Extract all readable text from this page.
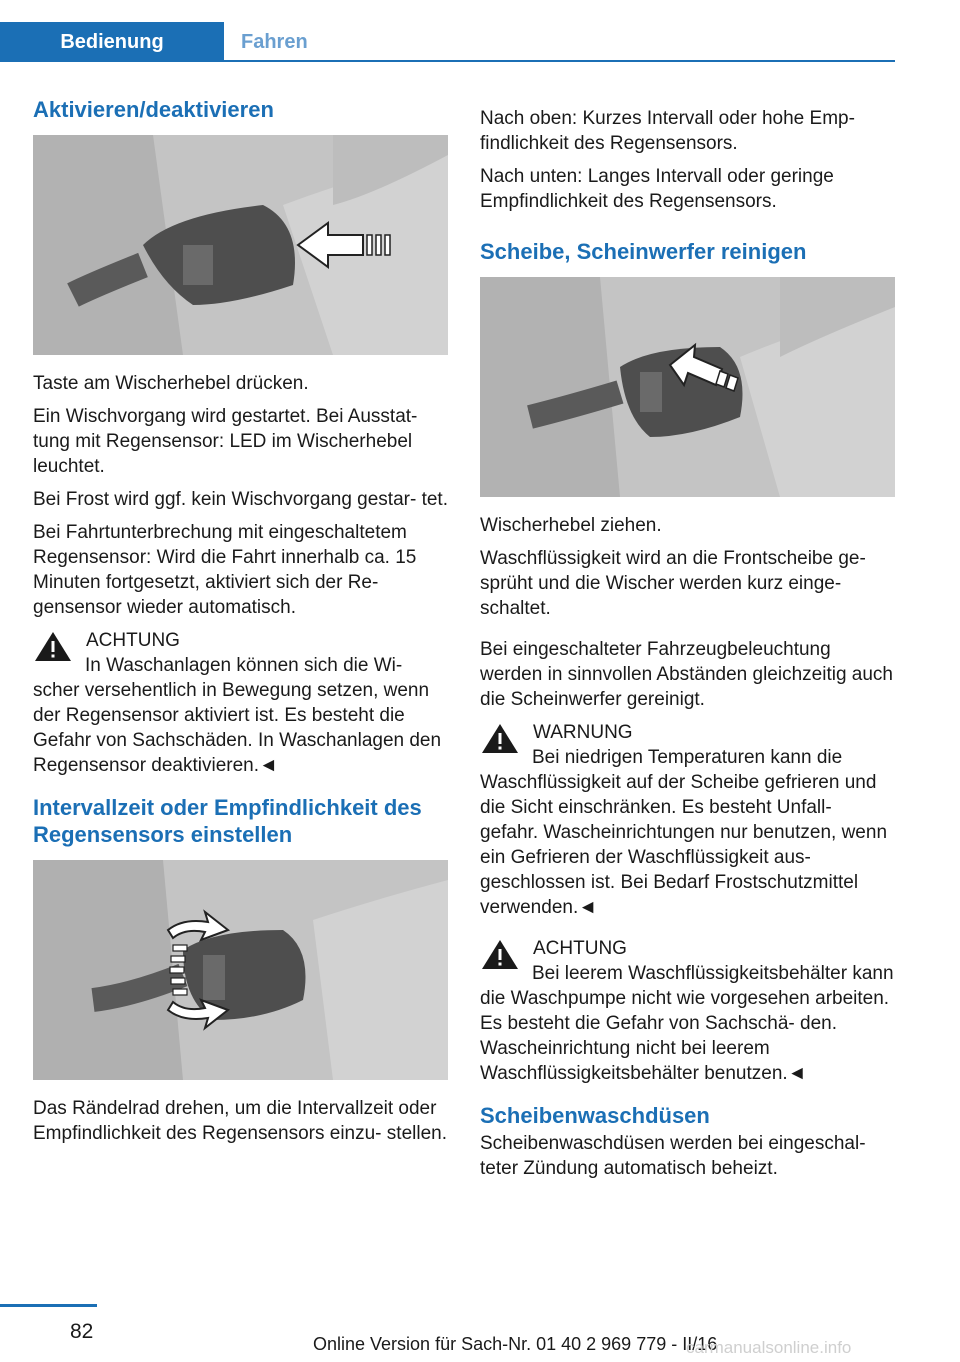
Bedienung	Fahren
Aktivieren/deaktivieren

Taste am Wischerhebel drücken.

Ein Wischvorgang wird gestartet. Bei Ausstat‐ tung mit Regensensor: LED im Wischerhebel leuchtet.

Bei Frost wird ggf. kein Wischvorgang gestar‐ tet.

Bei Fahrtunterbrechung mit eingeschaltetem Regensensor: Wird die Fahrt innerhalb ca. 15 Minuten fortgesetzt, aktiviert sich der Re‐ gensensor wieder automatisch.

ACHTUNG
In Waschanlagen können sich die Wi‐ scher versehentlich in Bewegung setzen, wenn der Regensensor aktiviert ist. Es besteht die Gefahr von Sachschäden. In Waschanlagen den Regensensor deaktivieren.◄
Intervallzeit oder Empfindlichkeit des Regensensors einstellen

Das Rändelrad drehen, um die Intervallzeit oder Empfindlichkeit des Regensensors einzu‐ stellen.

Nach oben: Kurzes Intervall oder hohe Emp‐ findlichkeit des Regensensors.

Nach unten: Langes Intervall oder geringe Empfindlichkeit des Regensensors.

Scheibe, Scheinwerfer reinigen

Wischerhebel ziehen.

Waschflüssigkeit wird an die Frontscheibe ge‐ sprüht und die Wischer werden kurz einge‐ schaltet.

Bei eingeschalteter Fahrzeugbeleuchtung werden in sinnvollen Abständen gleichzeitig auch die Scheinwerfer gereinigt.

WARNUNG
Bei niedrigen Temperaturen kann die Waschflüssigkeit auf der Scheibe gefrieren und die Sicht einschränken. Es besteht Unfall‐ gefahr. Wascheinrichtungen nur benutzen, wenn ein Gefrieren der Waschflüssigkeit aus‐ geschlossen ist. Bei Bedarf Frostschutzmittel verwenden.◄
ACHTUNG
Bei leerem Waschflüssigkeitsbehälter kann die Waschpumpe nicht wie vorgesehen arbeiten. Es besteht die Gefahr von Sachschä‐ den. Wascheinrichtung nicht bei leerem Waschflüssigkeitsbehälter benutzen.◄
Scheibenwaschdüsen

Scheibenwaschdüsen werden bei eingeschal‐ teter Zündung automatisch beheizt.

82
Online Version für Sach-Nr. 01 40 2 969 779 - II/16
carmanualsonline.info
